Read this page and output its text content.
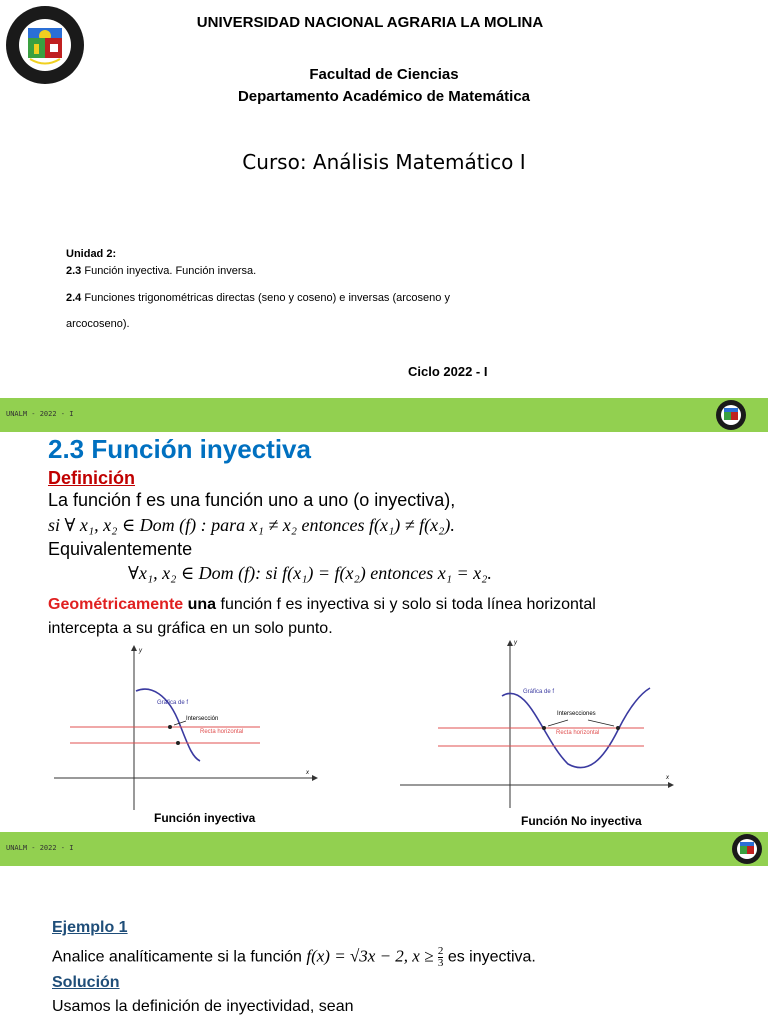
UNIVERSIDAD NACIONAL AGRARIA LA MOLINA
Facultad de Ciencias
Departamento Académico de Matemática
Curso: Análisis Matemático I
Unidad 2:
2.3 Función inyectiva. Función inversa.
2.4 Funciones trigonométricas directas (seno y coseno) e inversas (arcoseno y
arcocoseno).
Ciclo 2022 - I
UNALM - 2022 - I
2.3 Función inyectiva
Definición
La función f es una función uno a uno (o inyectiva),
si ∀ x₁, x₂ ∈ Dom (f) : para x₁ ≠ x₂ entonces f(x₁) ≠ f(x₂).
Equivalentemente
∀x₁, x₂ ∈ Dom (f): si f(x₁) = f(x₂) entonces x₁ = x₂.
Geométricamente una función f es inyectiva si y solo si toda línea horizontal
intercepta a su gráfica en un solo punto.
Gráfica de f
Intersección
Recta horizontal
x
y
Función inyectiva
Gráfica de f
Intersecciones
Recta horizontal
x
y
Función No inyectiva
UNALM - 2022 - I
Ejemplo 1
Analice analíticamente si la función f(x) = √3x − 2, $x \ge \frac{2}{3}$ es inyectiva.
Solución
Usamos la definición de inyectividad, sean
